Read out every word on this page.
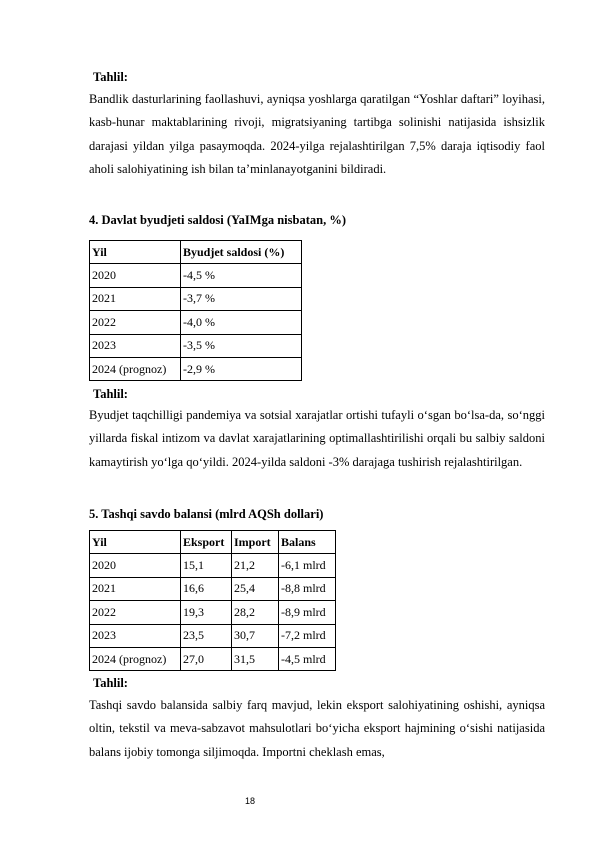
Tahlil:
Bandlik dasturlarining faollashuvi, ayniqsa yoshlarga qaratilgan “Yoshlar daftari” loyihasi, kasb-hunar maktablarining rivoji, migratsiyaning tartibga solinishi natijasida ishsizlik darajasi yildan yilga pasaymoqda. 2024-yilga rejalashtirilgan 7,5% daraja iqtisodiy faol aholi salohiyatining ish bilan ta’minlanayotganini bildiradi.
4. Davlat byudjeti saldosi (YaIMga nisbatan, %)
Yil	Byudjet saldosi (%)
2020	-4,5 %
2021	-3,7 %
2022	-4,0 %
2023	-3,5 %
2024 (prognoz)	-2,9 %
Tahlil:
Byudjet taqchilligi pandemiya va sotsial xarajatlar ortishi tufayli o‘sgan bo‘lsa-da, so‘nggi yillarda fiskal intizom va davlat xarajatlarining optimallashtirilishi orqali bu salbiy saldoni kamaytirish yo‘lga qo‘yildi. 2024-yilda saldoni -3% darajaga tushirish rejalashtirilgan.
5. Tashqi savdo balansi (mlrd AQSh dollari)
Yil	Eksport	Import	Balans
2020	15,1	21,2	-6,1 mlrd
2021	16,6	25,4	-8,8 mlrd
2022	19,3	28,2	-8,9 mlrd
2023	23,5	30,7	-7,2 mlrd
2024 (prognoz)	27,0	31,5	-4,5 mlrd
Tahlil:
Tashqi savdo balansida salbiy farq mavjud, lekin eksport salohiyatining oshishi, ayniqsa oltin, tekstil va meva-sabzavot mahsulotlari bo‘yicha eksport hajmining o‘sishi natijasida balans ijobiy tomonga siljimoqda. Importni cheklash emas,
18
